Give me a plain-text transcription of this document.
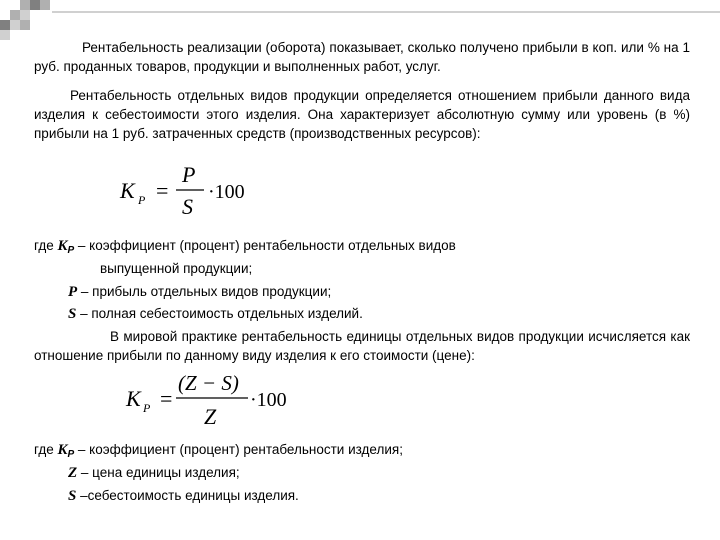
Рентабельность реализации (оборота) показывает, сколько получено прибыли в коп. или % на 1 руб. проданных товаров, продукции и выполненных работ, услуг.

Рентабельность отдельных видов продукции определяется отношением прибыли данного вида изделия к себестоимости этого изделия. Она характеризует абсолютную сумму или уровень (в %) прибыли на 1 руб. затраченных средств (производственных ресурсов):

K P =
P
S
·100
где $K_P$ – коэффициент (процент) рентабельности отдельных видов
выпущенной продукции;
P – прибыль отдельных видов продукции;
S – полная себестоимость отдельных изделий.

В мировой практике рентабельность единицы отдельных видов продукции исчисляется как отношение прибыли по данному виду изделия к его стоимости (цене):

K P =
(Z − S)
Z
·100
где $K_P$ – коэффициент (процент) рентабельности изделия;
Z – цена единицы изделия;
S –себестоимость единицы изделия.
